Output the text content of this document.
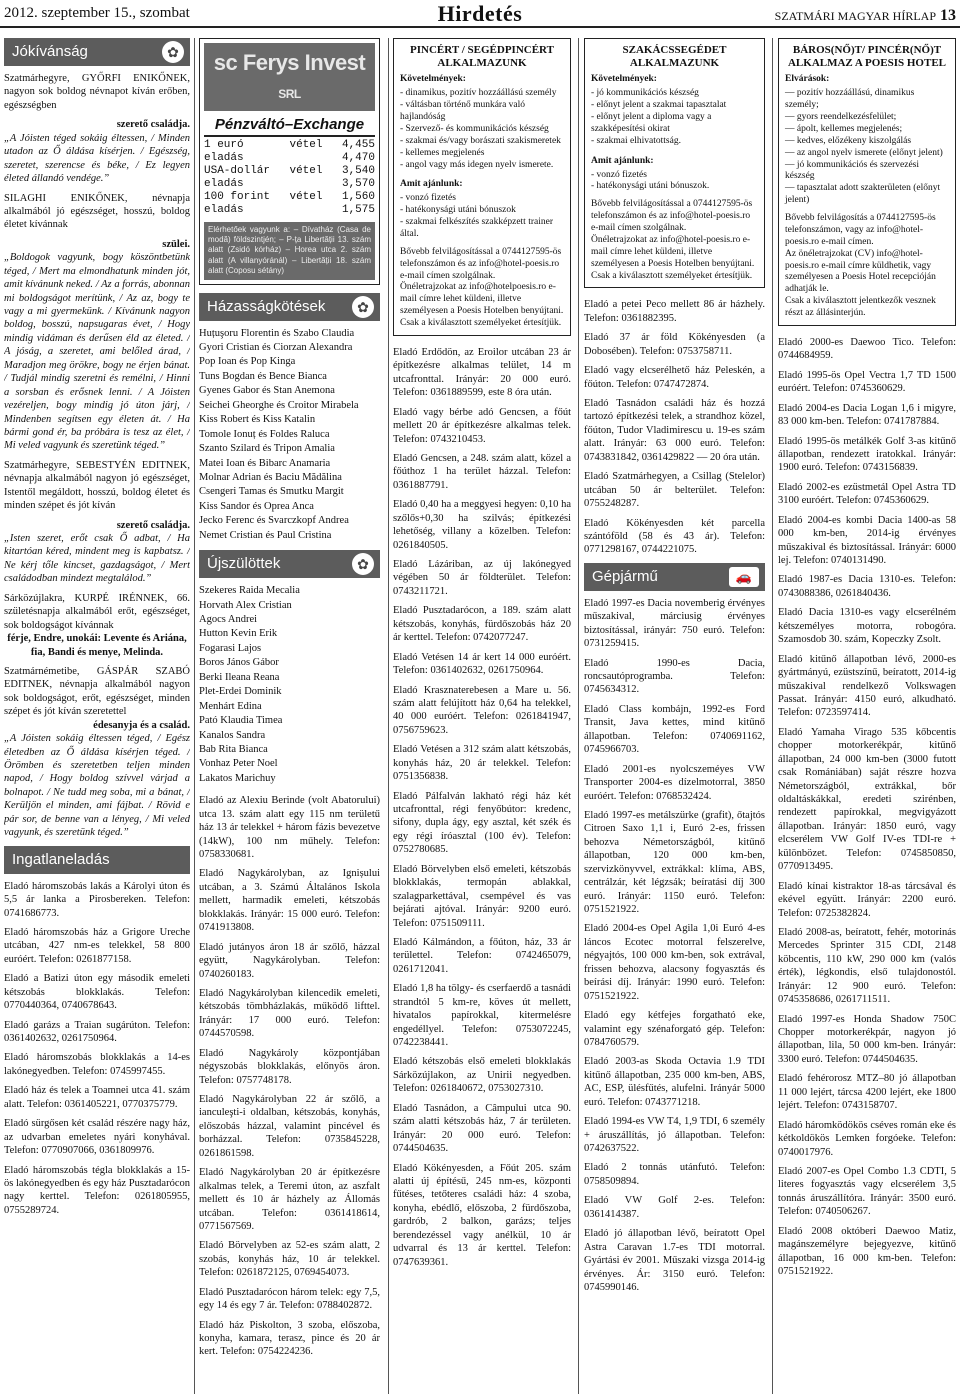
2012. szeptember 15., szombat	Hirdetés	SZATMÁRI MAGYAR HÍRLAP 13
Jókívánság	✿

Szatmárhegyre, GYŐRFI ENIKŐNEK, nagyon sok boldog névnapot kíván erőben, egészségben

szerető családja.

„A Jóisten téged sokáig éltessen, / Minden utadon az Ő áldása kísérjen. / Egészség, szeretet, szerencse és béke, / Ez legyen életed állandó vendége.”

SILAGHI ENIKŐNEK, névnapja alkalmából jó egészséget, hosszú, boldog életet kívánnak

szülei.

„Boldogok vagyunk, bogy köszöntbetünk téged, / Mert ma elmondhatunk minden jót, amit kívánunk neked. / Az a forrás, abonnan mi boldogságot merítünk, / Az az, bogy te vagy a mi gyermekünk. / Kívánunk nagyon boldog, bosszú, napsugaras évet, / Hogy mindig vidáman és derűsen éld az életed. / A jóság, a szeretet, ami belőled árad, / Maradjon meg örökre, bogy ne érjen bánat. / Tudjál mindig szeretni és remélni, / Hinni a sorsban és erősnek lenni. / A Jóisten vezéreljen, bogy mindig jó úton járj, / Mindenben segítsen egy életen át. / Ha bármi gond ér, ba próbára is tesz az élet, / Mi veled vagyunk és szeretünk téged.”

Szatmárhegyre, SEBESTYÉN EDITNEK, névnapja alkalmából nagyon jó egészséget, Istentől megáldott, hosszú, boldog életet és minden szépet és jót kíván

szerető családja.

„Isten szeret, erőt csak Ő adbat, / Ha kitartóan kéred, mindent meg is kapbatsz. / Ne kérj tőle kincset, gazdagságot, / Mert családodban mindezt megtalálod.”

Sárközújlakra, KURPÉ IRÉNNEK, 66. születésnapja alkalmából erőt, egészséget, sok boldogságot kívánnak

férje, Endre, unokái: Levente és Ariána, fia, Bandi és menye, Melinda.

Szatmárnémetibe, GÁSPÁR SZABÓ EDITNEK, névnapja alkalmából nagyon sok boldogságot, erőt, egészséget, minden szépet és jót kíván szeretettel

édesanyja és a család.

„A Jóisten sokáig éltessen téged, / Egész életedben az Ő áldása kísérjen téged. / Örömben és szeretetben teljen minden napod, / Hogy boldog szívvel várjad a bolnapot. / Ne tudd meg soba, mi a bánat, / Kerüljön el minden, ami fájbat. / Rövid e pár sor, de benne van a lényeg, / Mi veled vagyunk, és szeretünk téged.”

Ingatlaneladás

Eladó háromszobás lakás a Károlyi úton és 5,5 ár lanka a Pirosbereken. Telefon: 0741686773.

Eladó háromszobás ház a Grigore Ureche utcában, 427 nm-es telekkel, 58 800 euróért. Telefon: 0261877158.

Eladó a Batizi úton egy második emeleti kétszobás blokklakás. Telefon: 0770440364, 0740678643.

Eladó garázs a Traian sugárúton. Telefon: 0361402632, 0261750964.

Eladó háromszobás blokklakás a 14-es lakónegyedben. Telefon: 0745997455.

Eladó ház és telek a Toamnei utca 41. szám alatt. Telefon: 0361405221, 0770375779.

Eladó sürgősen két család részére nagy ház, az udvarban emeletes nyári konyhával. Telefon: 0770907066, 0361809976.

Eladó háromszobás tégla blokklakás a 15-ös lakónegyedben és egy ház Pusztadarócon nagy kerttel. Telefon: 0261805955, 0755289724.

sc Ferys Invest SRL
Pénzváltó–Exchange
1 euró	vétel	4,455
eladás		4,470
USA-dollár	vétel	3,540
eladás		3,570
100 forint	vétel	1,560
eladás		1,575
Elérhetőek vagyunk a: – Dívatház (Casa de modă) földszintjén; – P-ța Libertății 13. szám alatt (Zsidó kórház) – Horea utca 2. szám alatt (A villanyóránál) – Libertății 18. szám alatt (Coposu sétány)
Házasságkötések	✿

Huțuşoru Florentin és Szabo Claudia

Gyori Cristian és Ciorzan Alexandra

Pop Ioan és Pop Kinga

Tuns Bogdan és Bence Bianca

Gyenes Gabor és Stan Anemona

Seichei Gheorghe és Croitor Mirabela

Kiss Robert és Kiss Katalin

Tomole Ionuț és Foldes Raluca

Szanto Szilard és Tripon Amalia

Matei Ioan és Bibarc Anamaria

Molnar Adrian és Baciu Mădălina

Csengeri Tamas és Smutku Margit

Kiss Sandor és Oprea Anca

Jecko Ferenc és Svarczkopf Andrea

Nemet Cristian és Paul Cristina

Újszülöttek	✿

Szekeres Raida Mecalia

Horvath Alex Cristian

Agocs Andrei

Hutton Kevin Erik

Fogarasi Lajos

Boros János Gábor

Berki Ileana Reana

Plet-Erdei Dominik

Menhárt Edina

Pató Klaudia Timea

Kanalos Sandra

Bab Rita Bianca

Vonhaz Peter Noel

Lakatos Marichuy

Eladó az Alexiu Berinde (volt Abatorului) utca 13. szám alatt egy 115 nm területű ház 13 ár telekkel + három fázis bevezetve (14kW), 100 nm műhely. Telefon: 0758330681.

Eladó Nagykárolyban, az Ignișului utcában, a 3. Számú Általános Iskola mellett, harmadik emeleti, kétszobás blokklakás. Irányár: 15 000 euró. Telefon: 0741913808.

Eladó jutányos áron 18 ár szőlő, házzal együtt, Nagykárolyban. Telefon: 0740260183.

Eladó Nagykárolyban kilencedik emeleti, kétszobás tömbházlakás, működő lifttel. Irányár: 17 000 euró. Telefon: 0744570598.

Eladó Nagykároly központjában négyszobás blokklakás, előnyös áron. Telefon: 0757748178.

Eladó Nagykárolyban 22 ár szőlő, a ianculeşti-i oldalban, kétszobás, konyhás, előszobás házzal, valamint pincével és borházzal. Telefon: 0735845228, 0261861598.

Eladó Nagykárolyban 20 ár építkezésre alkalmas telek, a Teremi úton, az aszfalt mellett és 10 ár házhely az Állomás utcában. Telefon: 0361418614, 0771567569.

Eladó Börvelyben az 52-es szám alatt, 2 szobás, konyhás ház, 10 ár telekkel. Telefon: 0261872125, 0769454073.

Eladó Pusztadarócon három telek: egy 7,5, egy 14 és egy 7 ár. Telefon: 0788402872.

Eladó ház Piskolton, 3 szoba, előszoba, konyha, kamara, terasz, pince és 20 ár kert. Telefon: 0754224236.

PINCÉRT / SEGÉDPINCÉRT ALKALMAZUNK

Követelmények:

- dinamikus, pozitív hozzáállású személy

- váltásban történő munkára való hajlandóság

- Szervező- és kommunikációs készség

- szakmai és/vagy borászati szakismeretek

- kellemes megjelenés

- angol vagy más idegen nyelv ismerete.

Amit ajánlunk:

- vonzó fizetés

- hatékonysági utáni bónuszok

- szakmai felkészítés szakképzett trainer által.

Bővebb felvilágosítással a 0744127595-ös telefonszámon és az info@hotel-poesis.ro e-mail címen szolgálnak.

Önéletrajzokat az info@hotelpoesis.ro e-mail címre lehet küldeni, illetve személyesen a Poesis Hotelben benyújtani.

Csak a kiválasztott személyeket értesítjük.

Eladó Erdődön, az Eroilor utcában 23 ár építkezésre alkalmas telület, 14 m utcafronttal. Irányár: 20 000 euró. Telefon: 0361889599, este 8 óra után.

Eladó vagy bérbe adó Gencsen, a főút mellett 20 ár építkezésre alkalmas telek. Telefon: 0743210453.

Eladó Gencsen, a 248. szám alatt, közel a főúthoz 1 ha terület házzal. Telefon: 0361887791.

Eladó 0,40 ha a meggyesi hegyen: 0,10 ha szőlős+0,30 ha szilvás; építkezési lehetőség, villany a közelben. Telefon: 0261840505.

Eladó Lázáriban, az új lakónegyed végében 50 ár földterület. Telefon: 0743211721.

Eladó Pusztadarócon, a 189. szám alatt kétszobás, konyhás, fürdőszobás ház 20 ár kerttel. Telefon: 0742077247.

Eladó Vetésen 14 ár kert 14 000 euróért. Telefon: 0361402632, 0261750964.

Eladó Krasznaterebesen a Mare u. 56. szám alatt felújított ház 0,64 ha telekkel, 40 000 euróért. Telefon: 0261841947, 0756759623.

Eladó Vetésen a 312 szám alatt kétszobás, konyhás ház, 20 ár telekkel. Telefon: 0751356838.

Eladó Pálfalván lakható régi ház két utcafronttal, régi fenyőbútor: kredenc, sifony, dupla ágy, egy asztal, két szék és egy régi íróasztal (100 év). Telefon: 0752780685.

Eladó Börvelyben első emeleti, kétszobás blokklakás, termopán ablakkal, szalagparkettával, csempével és vas bejárati ajtóval. Irányár: 9200 euró. Telefon: 0751509111.

Eladó Kálmándon, a főúton, ház, 33 ár területtel. Telefon: 0742465079, 0261712041.

Eladó 1,8 ha tölgy- és cserfaerdő a tasnádi strandtól 5 km-re, köves út mellett, hivatalos papírokkal, kitermelésre engedéllyel. Telefon: 0753072245, 0742238441.

Eladó kétszobás első emeleti blokklakás Sárközújlakon, az Unirii negyedben. Telefon: 0261840672, 0753027310.

Eladó Tasnádon, a Câmpului utca 90. szám alatti kétszobás ház, 7 ár területen. Irányár: 20 000 euró. Telefon: 0744504635.

Eladó Kökényesden, a Főút 205. szám alatti új építésű, 245 nm-es, központi fűtéses, tetőteres családi ház: 4 szoba, konyha, ebédlő, előszoba, 2 fürdőszoba, gardrób, 2 balkon, garázs; teljes berendezéssel vagy anélkül, 10 ár udvarral és 13 ár kerttel. Telefon: 0747639361.

SZAKÁCSSEGÉDET ALKALMAZUNK

Követelmények:

- jó kommunikációs készség

- előnyt jelent a szakmai tapasztalat

- előnyt jelent a diploma vagy a szakképesítési okirat

- szakmai elhivatottság.

Amit ajánlunk:

- vonzó fizetés

- hatékonysági utáni bónuszok.

Bővebb felvilágosítással a 0744127595-ös telefonszámon és az info@hotel-poesis.ro e-mail címen szolgálnak.

Önéletrajzokat az info@hotel-poesis.ro e-mail címre lehet küldeni, illetve személyesen a Poesis Hotelben benyújtani.

Csak a kiválasztott személyeket értesítjük.

Eladó a petei Peco mellett 86 ár házhely. Telefon: 0361882395.

Eladó 37 ár föld Kökényesden (a Dobosében). Telefon: 0753758711.

Eladó vagy elcserélhető ház Peleskén, a főúton. Telefon: 0747472874.

Eladó Tasnádon családi ház és hozzá tartozó építkezési telek, a strandhoz közel, főúton, Tudor Vladimirescu u. 19-es szám alatt. Irányár: 63 000 euró. Telefon: 0743831842, 0361429822 — 20 óra után.

Eladó Szatmárhegyen, a Csillag (Stelelor) utcában 50 ár belterület. Telefon: 0755248287.

Eladó Kökényesden két parcella szántóföld (58 és 43 ár). Telefon: 0771298167, 0744221075.

Gépjármű	🚗

Eladó 1997-es Dacia novemberig érvényes műszakival, márciusig érvényes biztosítással, irányár: 750 euró. Telefon: 0731259415.

Eladó 1990-es Dacia, roncsautóprogramba. Telefon: 0745634312.

Eladó Class kombájn, 1992-es Ford Transit, Java kettes, mind kitűnő állapotban. Telefon: 0740691162, 0745966703.

Eladó 2001-es nyolcszeméyes VW Transporter 2004-es dízelmotorral, 3850 euróért. Telefon: 0768532424.

Eladó 1997-es metálszürke (grafit), őtajtós Citroen Saxo 1,1 i, Euró 2-es, frissen behozva Németországból, kitűnő állapotban, 120 000 km-ben, szervizkönyvvel, extrákkal: klíma, ABS, centrálzár, két légzsák; beíratási díj 300 euró. Irányár: 1150 euró. Telefon: 0751521922.

Eladó 2004-es Opel Agila 1,0i Euró 4-es láncos Ecotec motorral felszerelve, négyajtós, 100 000 km-ben, sok extrával, frissen behozva, alacsony fogyasztás és beírási díj. Irányár: 1990 euró. Telefon: 0751521922.

Eladó egy kétfejes forgatható eke, valamint egy szénaforgató gép. Telefon: 0784760579.

Eladó 2003-as Skoda Octavia 1.9 TDI kitűnő állapotban, 235 000 km-ben, ABS, AC, ESP, ülésfűtés, alufelni. Irányár 5000 euró. Telefon: 0743771218.

Eladó 1994-es VW T4, 1,9 TDI, 6 személy + áruszállítás, jó állapotban. Telefon: 0742637522.

Eladó 2 tonnás utánfutó. Telefon: 0758509894.

Eladó VW Golf 2-es. Telefon: 0361414387.

Eladó jó állapotban lévő, beíratott Opel Astra Caravan 1.7-es TDI motorral. Gyártási év 2001. Műszaki vizsga 2014-ig érvényes. Ár: 3150 euró. Telefon: 0745990146.

BÁROS(NŐ)T/ PINCÉR(NŐ)T ALKALMAZ A POESIS HOTEL

Elvárások:

— pozitív hozzáállású, dinamikus személy;

— gyors reendelkezésfelület;

— ápolt, kellemes megjelenés;

— kedves, előzékeny kiszolgálás

— az angol nyelv ismerete (előnyt jelent)

— jó kommunikációs és szervezési készség

— tapasztalat adott szakterületen (előnyt jelent)

Bővebb felvilágosítás a 0744127595-ös telefonszámon, vagy az info@hotel-poesis.ro e-mail címen.

Az önéletrajzokat (CV) info@hotel-poesis.ro e-mail címre küldhetik, vagy személyesen a Poesis Hotel recepcióján adhatják le.

Csak a kiválasztott jelentkezők vesznek részt az állásinterjún.

Eladó 2000-es Daewoo Tico. Telefon: 0744684959.

Eladó 1995-ös Opel Vectra 1,7 TD 1500 euróért. Telefon: 0745360629.

Eladó 2004-es Dacia Logan 1,6 i migyre, 83 000 km-ben. Telefon: 0741787884.

Eladó 1995-ös metálkék Golf 3-as kitűnő állapotban, rendezett iratokkal. Irányár: 1900 euró. Telefon: 0743156839.

Eladó 2002-es ezüstmetál Opel Astra TD 3100 euróért. Telefon: 0745360629.

Eladó 2004-es kombi Dacia 1400-as 58 000 km-ben, 2014-ig érvényes műszakival és biztosítással. Irányár: 6000 lej. Telefon: 0740131490.

Eladó 1987-es Dacia 1310-es. Telefon: 0743088386, 0261840436.

Eladó Dacia 1310-es vagy elcserélném kétszemélyes motorra, robogóra. Szamosdob 30. szám, Kopeczky Zsolt.

Eladó kitűnő állapotban lévő, 2000-es gyártmányú, ezüstszínű, beíratott, 2014-ig műszakival rendelkező Volkswagen Passat. Irányár: 4150 euró, alkudható. Telefon: 0723597414.

Eladó Yamaha Virago 535 kőbcentis chopper motorkerékpár, kitűnő állapotban, 24 000 km-ben (3000 futott csak Romániában) saját részre hozva Németországból, extrákkal, bőr oldaltáskákkal, eredeti szirénben, rendezett papírokkal, megvigyázott állapotban. Irányár: 1850 euró, vagy elcserélem VW Golf IV-es TDI-re + különbözet. Telefon: 0745850850, 0770913495.

Eladó kínai kistraktor 18-as tárcsával és ekével együtt. Irányár: 2200 euró. Telefon: 0725382824.

Eladó 2008-as, beíratott, fehér, motorinás Mercedes Sprinter 315 CDI, 2148 köbcentis, 110 kW, 290 000 km (valós érték), légkondis, első tulajdonostól. Irányár: 12 900 euró. Telefon: 0745358686, 0261711511.

Eladó 1997-es Honda Shadow 750C Chopper motorkerékpár, nagyon jó állapotban, lila, 50 000 km-ben. Irányár: 3300 euró. Telefon: 0744504635.

Eladó fehérorosz MTZ–80 jó állapotban 11 000 lejért, tárcsa 4200 lejért, eke 1800 lejért. Telefon: 0743158707.

Eladó háromködökös cséves román eke és kétkoldökös Lemken forgóeke. Telefon: 0740017976.

Eladó 2007-es Opel Combo 1.3 CDTI, 5 literes fogyasztás vagy elcserélem 3,5 tonnás áruszállítóra. Irányár: 3500 euró. Telefon: 0740506267.

Eladó 2008 októberi Daewoo Matiz, magánszemélyre bejegyezve, kitűnő állapotban, 16 000 km-ben. Telefon: 0751521922.
